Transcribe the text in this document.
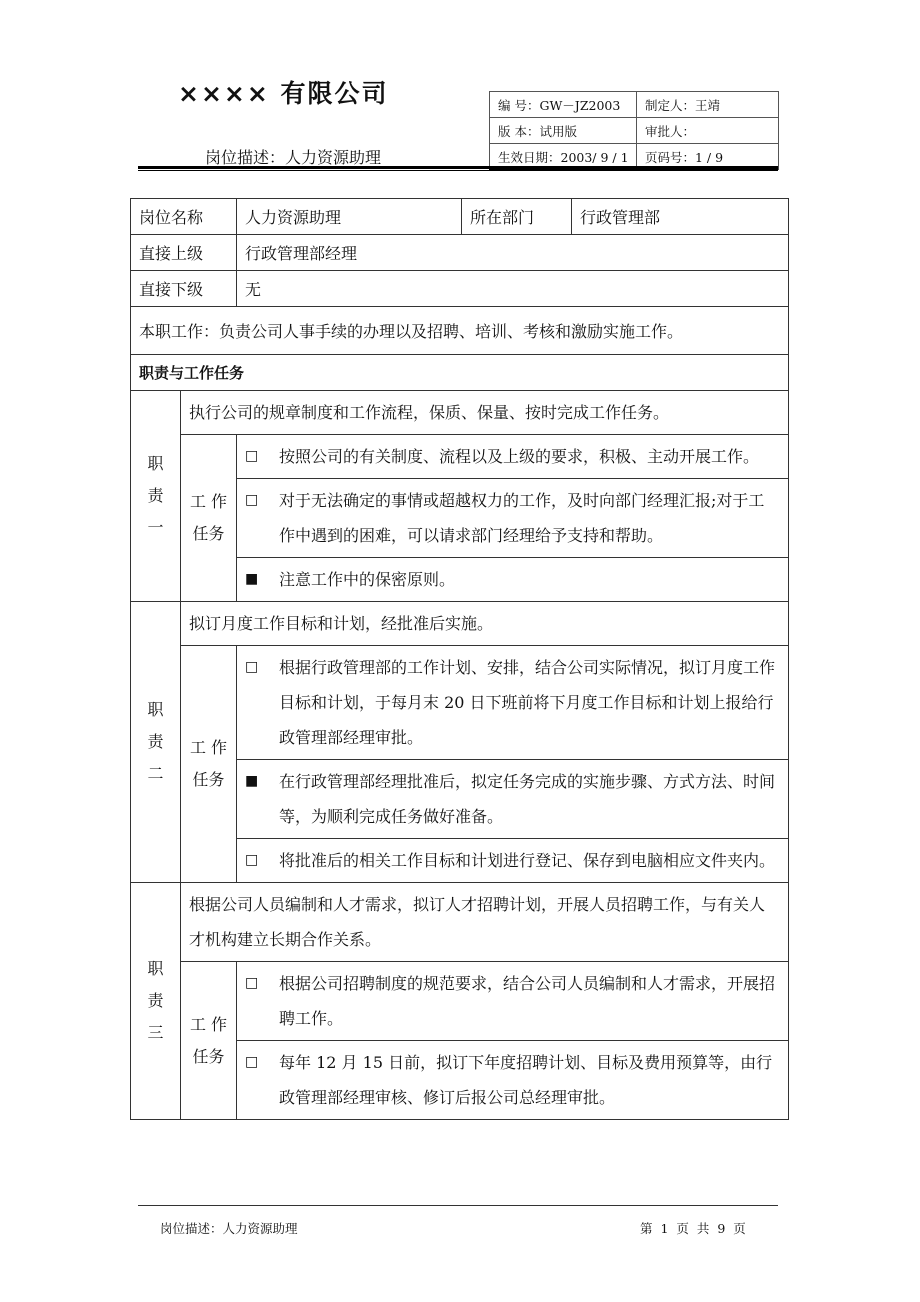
×××× 有限公司
岗位描述：人力资源助理
编 号：GW－JZ2003	制定人：王靖
版 本：试用版	审批人：
生效日期：2003/ 9 / 1	页码号：1 / 9
岗位名称		人力资源助理	所在部门	行政管理部
直接上级		行政管理部经理		
直接下级		无		
本职工作：负责公司人事手续的办理以及招聘、培训、考核和激励实施工作。				
职责与工作任务				
职
责
一	执行公司的规章制度和工作流程，保质、保量、按时完成工作任务。			
	工 作
任务	□ 按照公司的有关制度、流程以及上级的要求，积极、主动开展工作。		
		□ 对于无法确定的事情或超越权力的工作，及时向部门经理汇报;对于工作中遇到的困难，可以请求部门经理给予支持和帮助。		
		■ 注意工作中的保密原则。		
职
责
二	拟订月度工作目标和计划，经批准后实施。			
	工 作
任务	□ 根据行政管理部的工作计划、安排，结合公司实际情况，拟订月度工作目标和计划，于每月末 20 日下班前将下月度工作目标和计划上报给行政管理部经理审批。		
		■ 在行政管理部经理批准后，拟定任务完成的实施步骤、方式方法、时间等，为顺利完成任务做好准备。		
		□ 将批准后的相关工作目标和计划进行登记、保存到电脑相应文件夹内。		
职
责
三	根据公司人员编制和人才需求，拟订人才招聘计划，开展人员招聘工作，与有关人才机构建立长期合作关系。			
	工 作
任务	□ 根据公司招聘制度的规范要求，结合公司人员编制和人才需求，开展招聘工作。		
		□ 每年 12 月 15 日前，拟订下年度招聘计划、目标及费用预算等，由行政管理部经理审核、修订后报公司总经理审批。		
岗位描述：人力资源助理	第 1 页 共 9 页
